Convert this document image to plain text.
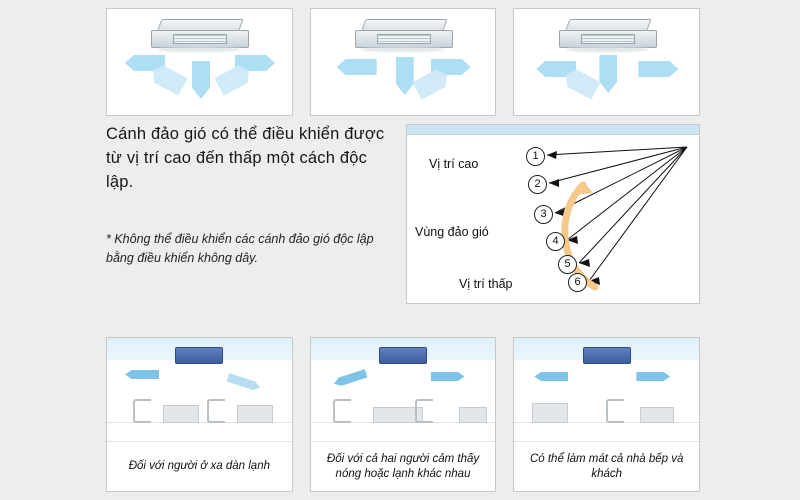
Cánh đảo gió có thể điều khiển được từ vị trí cao đến thấp một cách độc lập.
* Không thể điều khiển các cánh đảo gió độc lập bằng điều khiển không dây.
Vị trí cao
Vùng đảo gió
Vị trí thấp
1
2
3
4
5
6
Đối với người ở xa dàn lạnh
Đối với cả hai người cảm thấy nóng hoặc lạnh khác nhau
Có thể làm mát cả nhà bếp và khách
